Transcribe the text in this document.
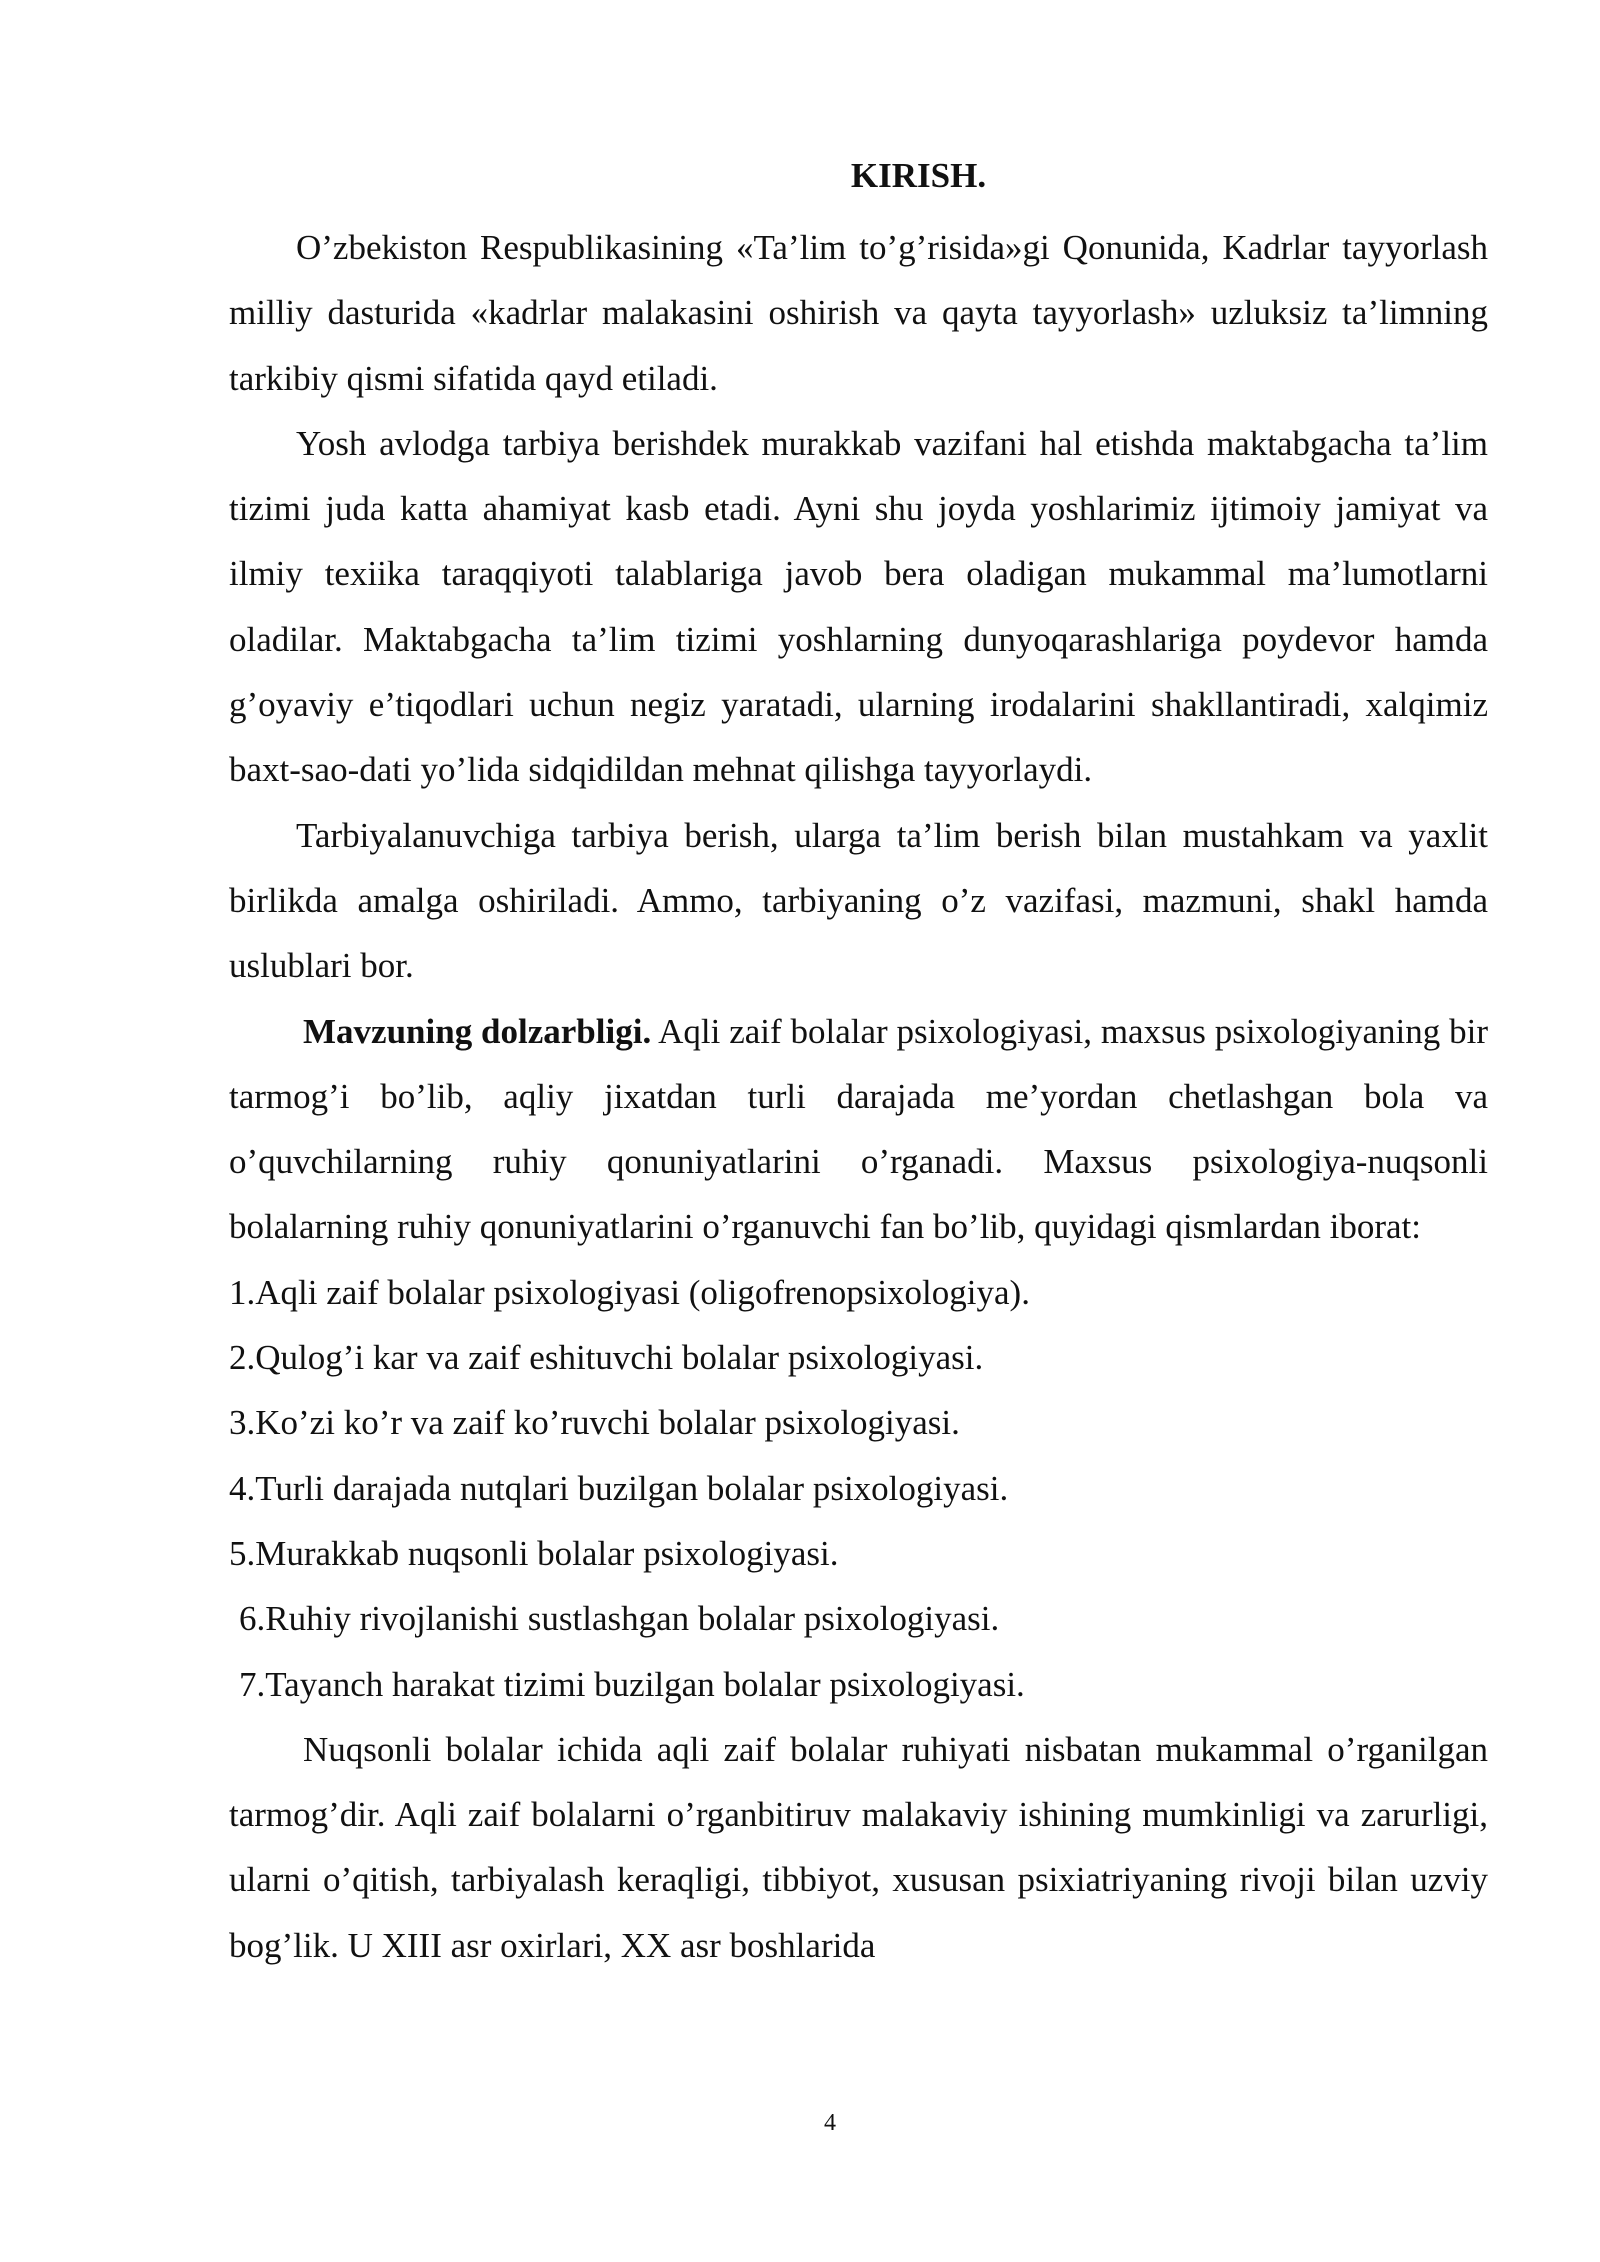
KIRISH.

O’zbekiston Respublikasining «Ta’lim to’g’risida»gi Qonunida, Kadrlar tayyorlash milliy dasturida «kadrlar malakasini oshirish va qayta tayyorlash» uzluksiz ta’limning tarkibiy qismi sifatida qayd etiladi.

Yosh avlodga tarbiya berishdek murakkab vazifani hal etishda maktabgacha ta’lim tizimi juda katta ahamiyat kasb etadi. Ayni shu joyda yoshlarimiz ijtimoiy jamiyat va ilmiy texiika taraqqiyoti talablariga javob bera oladigan mukammal ma’lumotlarni oladilar. Maktabgacha ta’lim tizimi yoshlarning dunyoqarashlariga poydevor hamda g’oyaviy e’tiqodlari uchun negiz yaratadi, ularning irodalarini shakllantiradi, xalqimiz baxt-sao-dati yo’lida sidqidildan mehnat qilishga tayyorlaydi.

Tarbiyalanuvchiga tarbiya berish, ularga ta’lim berish bilan mustahkam va yaxlit birlikda amalga oshiriladi. Ammo, tarbiyaning o’z vazifasi, mazmuni, shakl hamda uslublari bor.

Mavzuning dolzarbligi. Aqli zaif bolalar psixologiyasi, maxsus psixologiyaning bir tarmog’i bo’lib, aqliy jixatdan turli darajada me’yordan chetlashgan bola va o’quvchilarning ruhiy qonuniyatlarini o’rganadi. Maxsus psixologiya-nuqsonli bolalarning ruhiy qonuniyatlarini o’rganuvchi fan bo’lib, quyidagi qismlardan iborat:

1.Aqli zaif bolalar psixologiyasi (oligofrenopsixologiya).
2.Qulog’i kar va zaif eshituvchi bolalar psixologiyasi.
3.Ko’zi ko’r va zaif ko’ruvchi bolalar psixologiyasi.
4.Turli darajada nutqlari buzilgan bolalar psixologiyasi.
5.Murakkab nuqsonli bolalar psixologiyasi.
6.Ruhiy rivojlanishi sustlashgan bolalar psixologiyasi.
7.Tayanch harakat tizimi buzilgan bolalar psixologiyasi.

Nuqsonli bolalar ichida aqli zaif bolalar ruhiyati nisbatan mukammal o’rganilgan tarmog’dir. Aqli zaif bolalarni o’rganbitiruv malakaviy ishining mumkinligi va zarurligi, ularni o’qitish, tarbiyalash keraqligi, tibbiyot, xususan psixiatriyaning rivoji bilan uzviy bog’lik. U XIII asr oxirlari, XX asr boshlarida

4
